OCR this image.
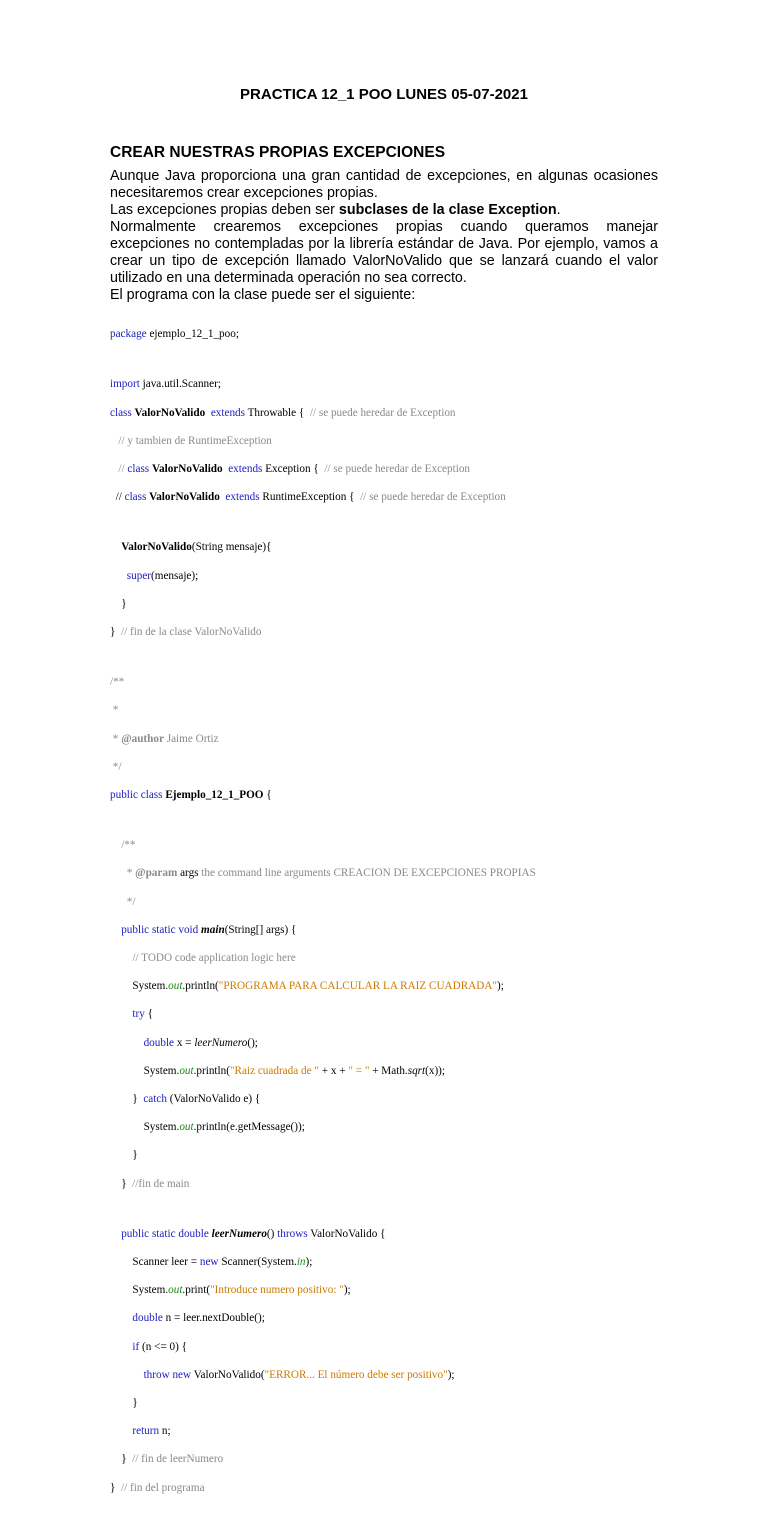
PRACTICA 12_1 POO LUNES 05-07-2021
CREAR NUESTRAS PROPIAS EXCEPCIONES

Aunque Java proporciona una gran cantidad de excepciones, en algunas ocasiones necesitaremos crear excepciones propias.

Las excepciones propias deben ser subclases de la clase Exception.

Normalmente crearemos excepciones propias cuando queramos manejar excepciones no contempladas por la librería estándar de Java. Por ejemplo, vamos a crear un tipo de excepción llamado ValorNoValido que se lanzará cuando el valor utilizado en una determinada operación no sea correcto.

El programa con la clase puede ser el siguiente:

package ejemplo_12_1_poo;

import java.util.Scanner;

class ValorNoValido extends Throwable {  // se puede heredar de Exception

// y tambien de RuntimeException

// class ValorNoValido extends Exception {  // se puede heredar de Exception

// class ValorNoValido extends RuntimeException {  // se puede heredar de Exception

ValorNoValido(String mensaje){

super(mensaje);

}

} // fin de la clase ValorNoValido

/**

*

* @author Jaime Ortiz

*/

public class Ejemplo_12_1_POO {

/**

* @param args the command line arguments CREACION DE EXCEPCIONES PROPIAS

*/

public static void main(String[] args) {

// TODO code application logic here

System.out.println("PROGRAMA PARA CALCULAR LA RAIZ CUADRADA");

try {

double x = leerNumero();

System.out.println("Raiz cuadrada de " + x + " = " + Math.sqrt(x));

}  catch (ValorNoValido e) {

System.out.println(e.getMessage());

}

} //fin de main

public static double leerNumero() throws ValorNoValido {

Scanner leer = new Scanner(System.in);

System.out.print("Introduce numero positivo: ");

double n = leer.nextDouble();

if (n <= 0) {

throw new ValorNoValido("ERROR... El número debe ser positivo");

}

return n;

} // fin de leerNumero

} // fin del programa
